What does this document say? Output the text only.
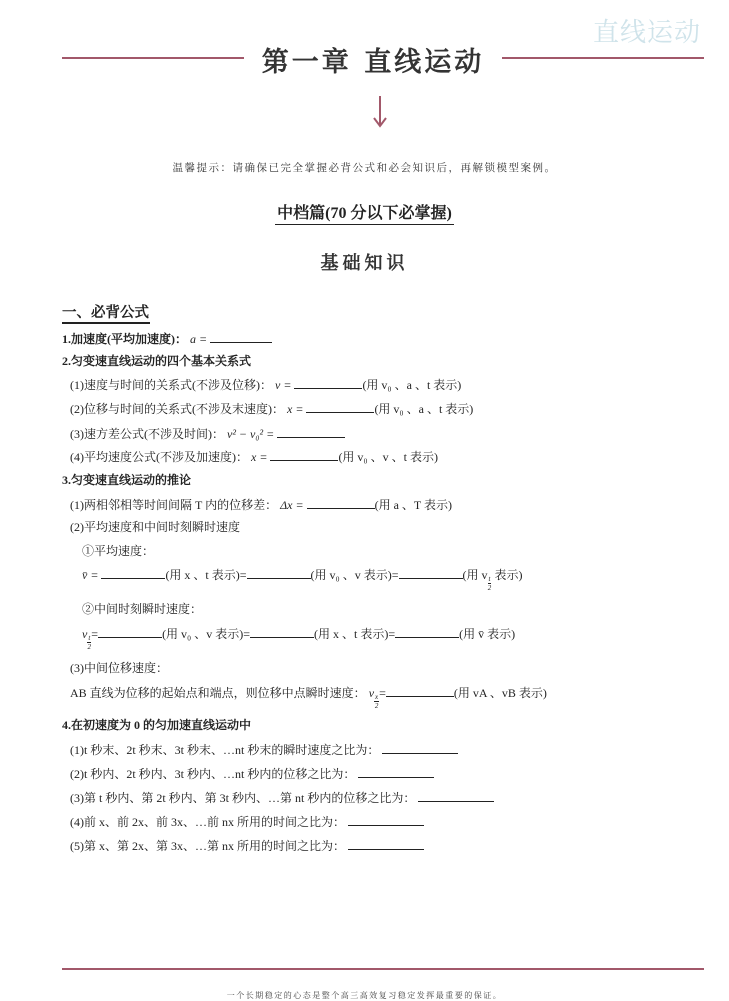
直线运动
第一章 直线运动
温馨提示：请确保已完全掌握必背公式和必会知识后，再解锁模型案例。
中档篇(70 分以下必掌握)
基础知识
一、必背公式
1.加速度(平均加速度)： a =
2.匀变速直线运动的四个基本关系式
(1)速度与时间的关系式(不涉及位移)： v =	(用 v₀ 、a 、t 表示)
(2)位移与时间的关系式(不涉及末速度)： x =	(用 v₀ 、a 、t 表示)
(3)速方差公式(不涉及时间)： v² − v₀² =
(4)平均速度公式(不涉及加速度)： x =	(用 v₀ 、v 、t 表示)
3.匀变速直线运动的推论
(1)两相邻相等时间间隔 T 内的位移差： Δx =	(用 a 、T 表示)
(2)平均速度和中间时刻瞬时速度
①平均速度：
v̄ =	(用 x 、t 表示)=	(用 v₀ 、v 表示)=	(用 v $\frac{t}{2}$ 表示)
②中间时刻瞬时速度：
v $\frac{t}{2}$ =	(用 v₀ 、v 表示)=	(用 x 、t 表示)=	(用 v̄ 表示)
(3)中间位移速度：
AB 直线为位移的起始点和端点，则位移中点瞬时速度： v $\frac{x}{2}$ =	(用 vA 、vB 表示)
4.在初速度为 0 的匀加速直线运动中
(1)t 秒末、2t 秒末、3t 秒末、…nt 秒末的瞬时速度之比为：
(2)t 秒内、2t 秒内、3t 秒内、…nt 秒内的位移之比为：
(3)第 t 秒内、第 2t 秒内、第 3t 秒内、…第 nt 秒内的位移之比为：
(4)前 x、前 2x、前 3x、…前 nx 所用的时间之比为：
(5)第 x、第 2x、第 3x、…第 nx 所用的时间之比为：
一个长期稳定的心态是整个高三高效复习稳定发挥最重要的保证。
